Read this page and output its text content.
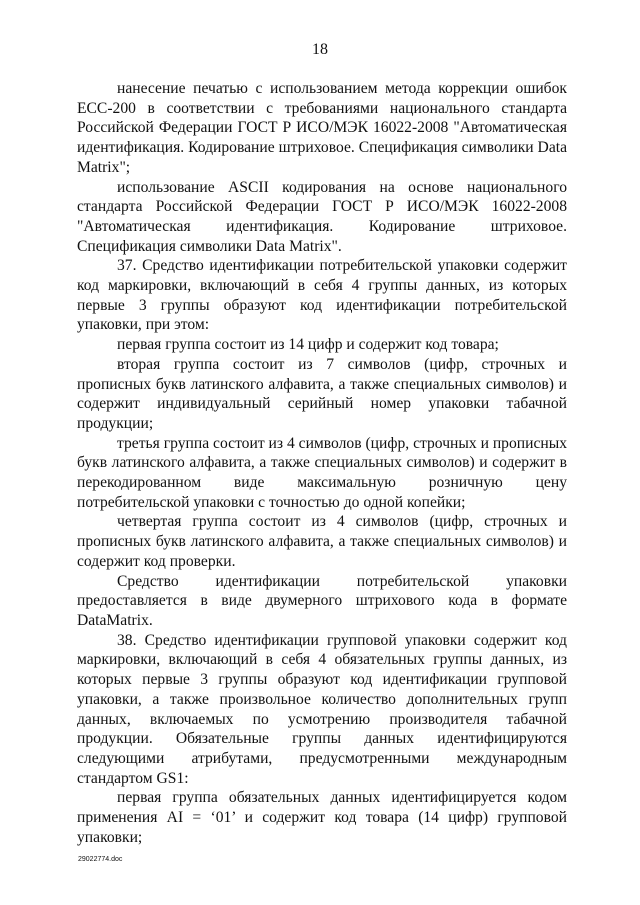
18

нанесение печатью с использованием метода коррекции ошибок ЕСС-200 в соответствии с требованиями национального стандарта Российской Федерации ГОСТ Р ИСО/МЭК 16022-2008 "Автоматическая идентификация. Кодирование штриховое. Спецификация символики Data Matrix";

использование ASCII кодирования на основе национального стандарта Российской Федерации ГОСТ Р ИСО/МЭК 16022-2008 "Автоматическая идентификация. Кодирование штриховое. Спецификация символики Data Matrix".

37. Средство идентификации потребительской упаковки содержит код маркировки, включающий в себя 4 группы данных, из которых первые 3 группы образуют код идентификации потребительской упаковки, при этом:

первая группа состоит из 14 цифр и содержит код товара;

вторая группа состоит из 7 символов (цифр, строчных и прописных букв латинского алфавита, а также специальных символов) и содержит индивидуальный серийный номер упаковки табачной продукции;

третья группа состоит из 4 символов (цифр, строчных и прописных букв латинского алфавита, а также специальных символов) и содержит в перекодированном виде максимальную розничную цену потребительской упаковки с точностью до одной копейки;

четвертая группа состоит из 4 символов (цифр, строчных и прописных букв латинского алфавита, а также специальных символов) и содержит код проверки.

Средство идентификации потребительской упаковки предоставляется в виде двумерного штрихового кода в формате DataMatrix.

38. Средство идентификации групповой упаковки содержит код маркировки, включающий в себя 4 обязательных группы данных, из которых первые 3 группы образуют код идентификации групповой упаковки, а также произвольное количество дополнительных групп данных, включаемых по усмотрению производителя табачной продукции. Обязательные группы данных идентифицируются следующими атрибутами, предусмотренными международным стандартом GS1:

первая группа обязательных данных идентифицируется кодом применения AI = ‘01’ и содержит код товара (14 цифр) групповой упаковки;

29022774.doc
